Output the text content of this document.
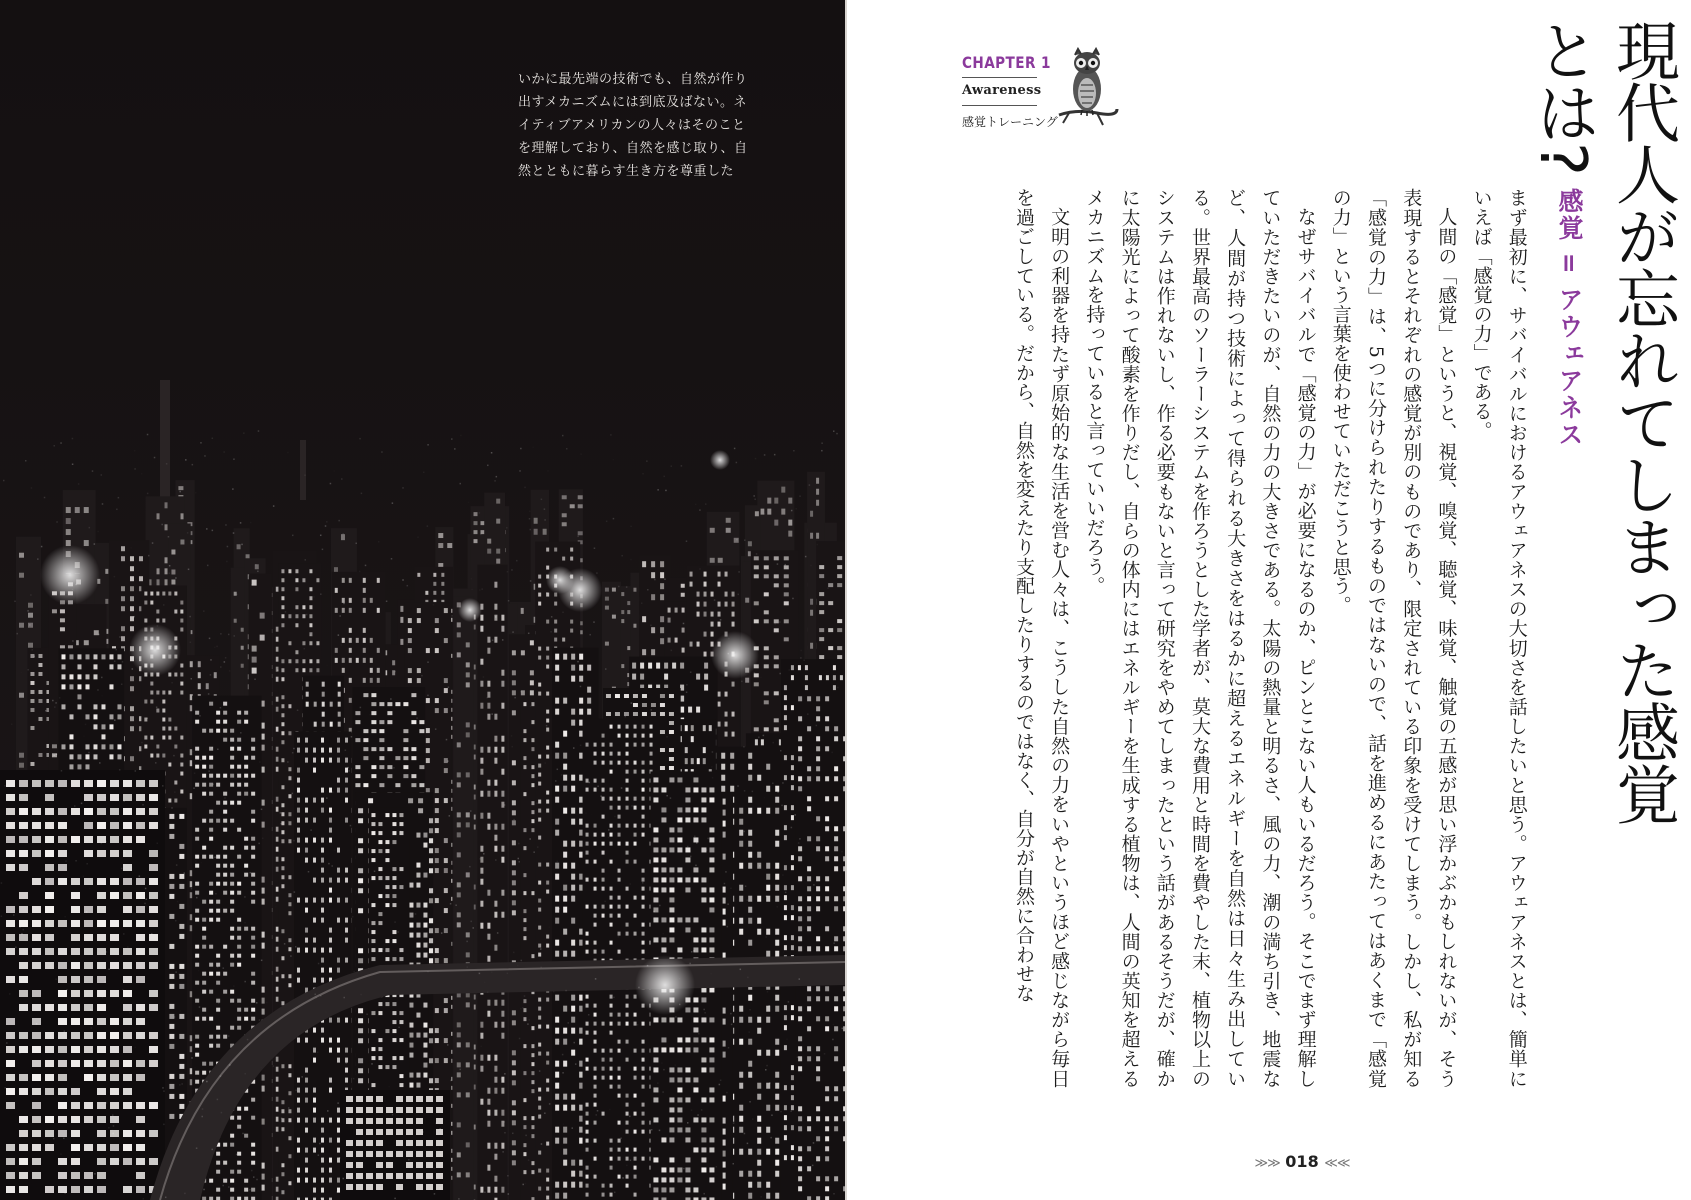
いかに最先端の技術でも、自然が作り出すメカニズムには到底及ばない。ネイティブアメリカンの人々はそのことを理解しており、自然を感じ取り、自然とともに暮らす生き方を尊重した
CHAPTER 1
Awareness
感覚トレーニング	現代人が忘れてしまった感覚とは?
感覚 = アウェアネス

まず最初に、サバイバルにおけるアウェアネスの大切さを話したいと思う。アウェアネスとは、簡単にいえば「感覚の力」である。

人間の「感覚」というと、視覚、嗅覚、聴覚、味覚、触覚の五感が思い浮かぶかもしれないが、そう表現するとそれぞれの感覚が別のものであり、限定されている印象を受けてしまう。しかし、私が知る「感覚の力」は、5つに分けられたりするものではないので、話を進めるにあたってはあくまで「感覚の力」という言葉を使わせていただこうと思う。

なぜサバイバルで「感覚の力」が必要になるのか、ピンとこない人もいるだろう。そこでまず理解していただきたいのが、自然の力の大きさである。太陽の熱量と明るさ、風の力、潮の満ち引き、地震など、人間が持つ技術によって得られる大きさをはるかに超えるエネルギーを自然は日々生み出している。世界最高のソーラーシステムを作ろうとした学者が、莫大な費用と時間を費やした末、植物以上のシステムは作れないし、作る必要もないと言って研究をやめてしまったという話があるそうだが、確かに太陽光によって酸素を作りだし、自らの体内にはエネルギーを生成する植物は、人間の英知を超えるメカニズムを持っていると言っていいだろう。

文明の利器を持たず原始的な生活を営む人々は、こうした自然の力をいやというほど感じながら毎日を過ごしている。だから、自然を変えたり支配したりするのではなく、自分が自然に合わせな

≫≫ 018 ≪≪
